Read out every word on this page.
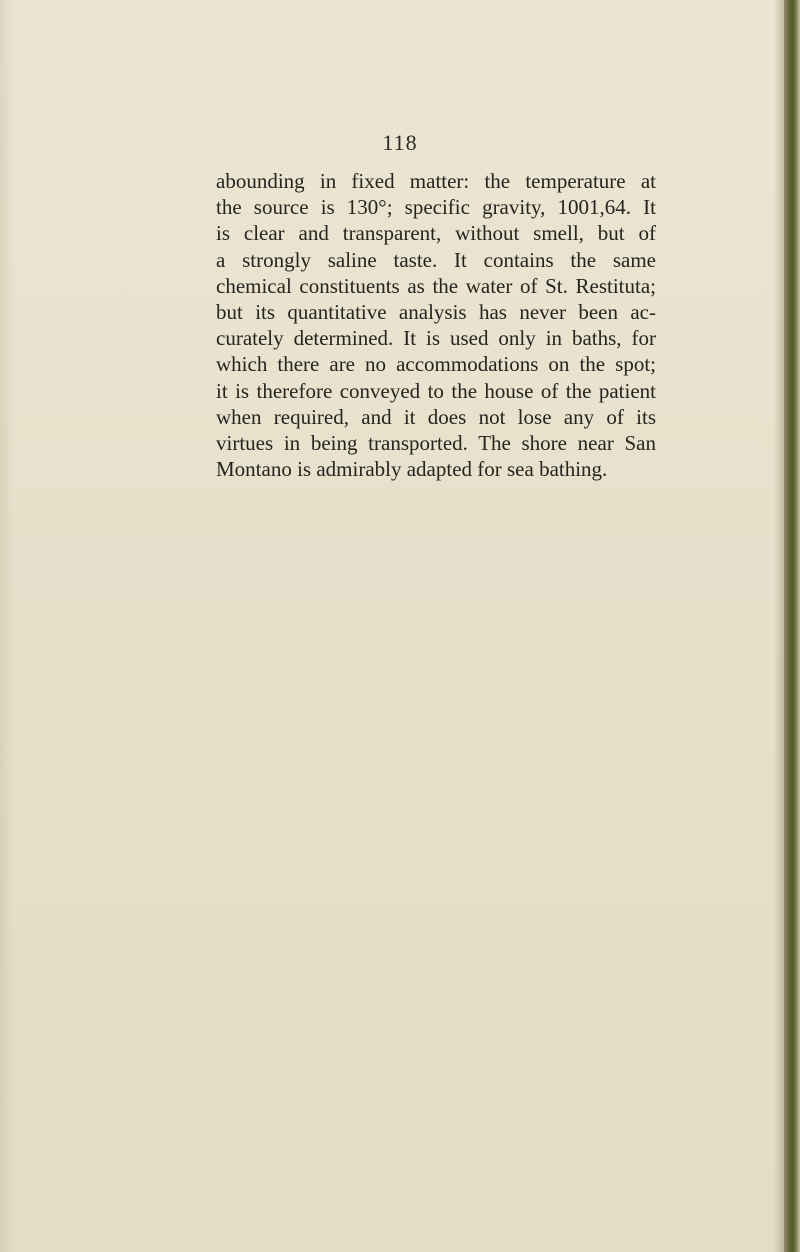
118

abounding in fixed matter: the temperature at
the source is 130°; specific gravity, 1001,64. It
is clear and transparent, without smell, but of
a strongly saline taste. It contains the same
chemical constituents as the water of St. Restituta;
but its quantitative analysis has never been ac-
curately determined. It is used only in baths, for
which there are no accommodations on the spot;
it is therefore conveyed to the house of the patient
when required, and it does not lose any of its
virtues in being transported. The shore near San
Montano is admirably adapted for sea bathing.
